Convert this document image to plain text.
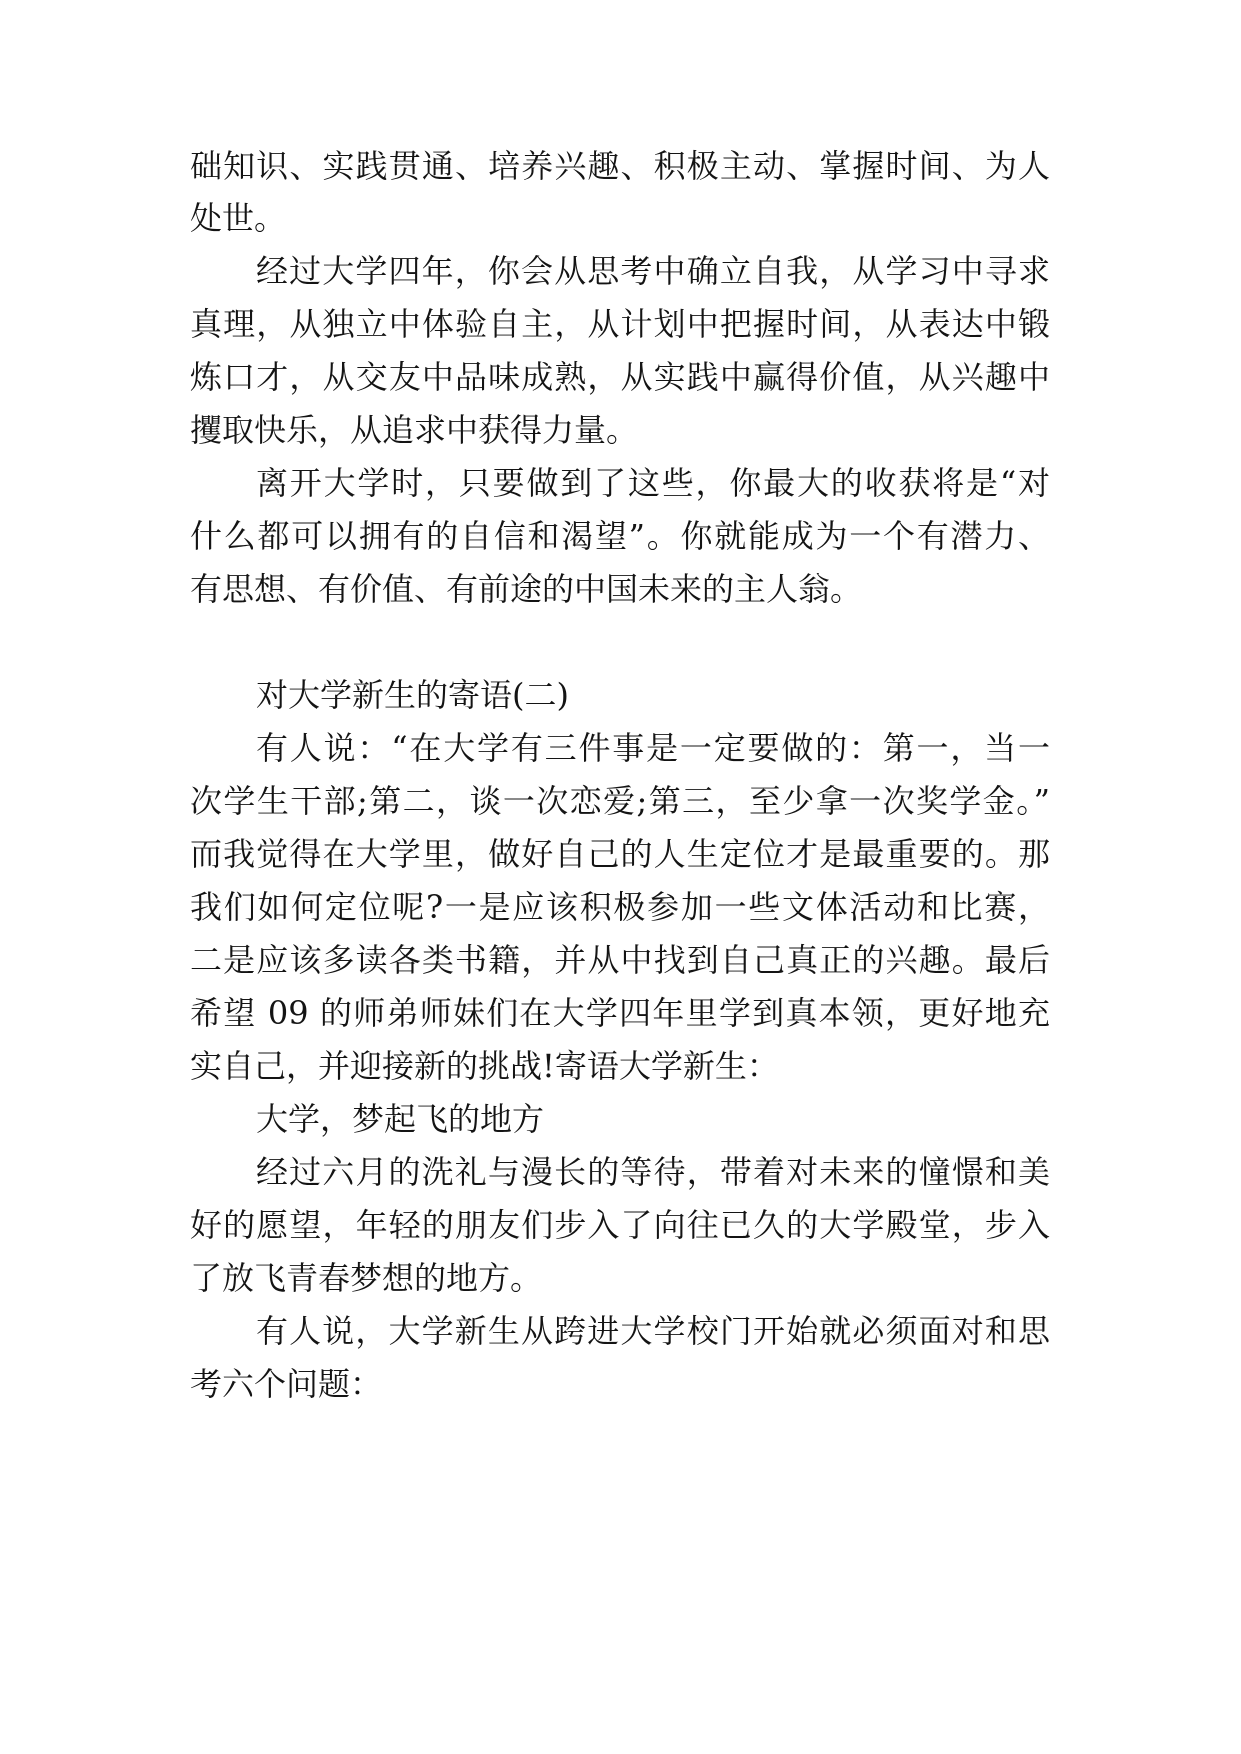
础知识、实践贯通、培养兴趣、积极主动、掌握时间、为人
处世。
经过大学四年，你会从思考中确立自我，从学习中寻求
真理，从独立中体验自主，从计划中把握时间，从表达中锻
炼口才，从交友中品味成熟，从实践中赢得价值，从兴趣中
攫取快乐，从追求中获得力量。
离开大学时，只要做到了这些，你最大的收获将是“对
什么都可以拥有的自信和渴望”。你就能成为一个有潜力、
有思想、有价值、有前途的中国未来的主人翁。
对大学新生的寄语(二)
有人说：“在大学有三件事是一定要做的：第一，当一
次学生干部;第二，谈一次恋爱;第三，至少拿一次奖学金。”
而我觉得在大学里，做好自己的人生定位才是最重要的。那
我们如何定位呢?一是应该积极参加一些文体活动和比赛，
二是应该多读各类书籍，并从中找到自己真正的兴趣。最后
希望 09 的师弟师妹们在大学四年里学到真本领，更好地充
实自己，并迎接新的挑战!寄语大学新生：
大学，梦起飞的地方
经过六月的洗礼与漫长的等待，带着对未来的憧憬和美
好的愿望，年轻的朋友们步入了向往已久的大学殿堂，步入
了放飞青春梦想的地方。
有人说，大学新生从跨进大学校门开始就必须面对和思
考六个问题：
